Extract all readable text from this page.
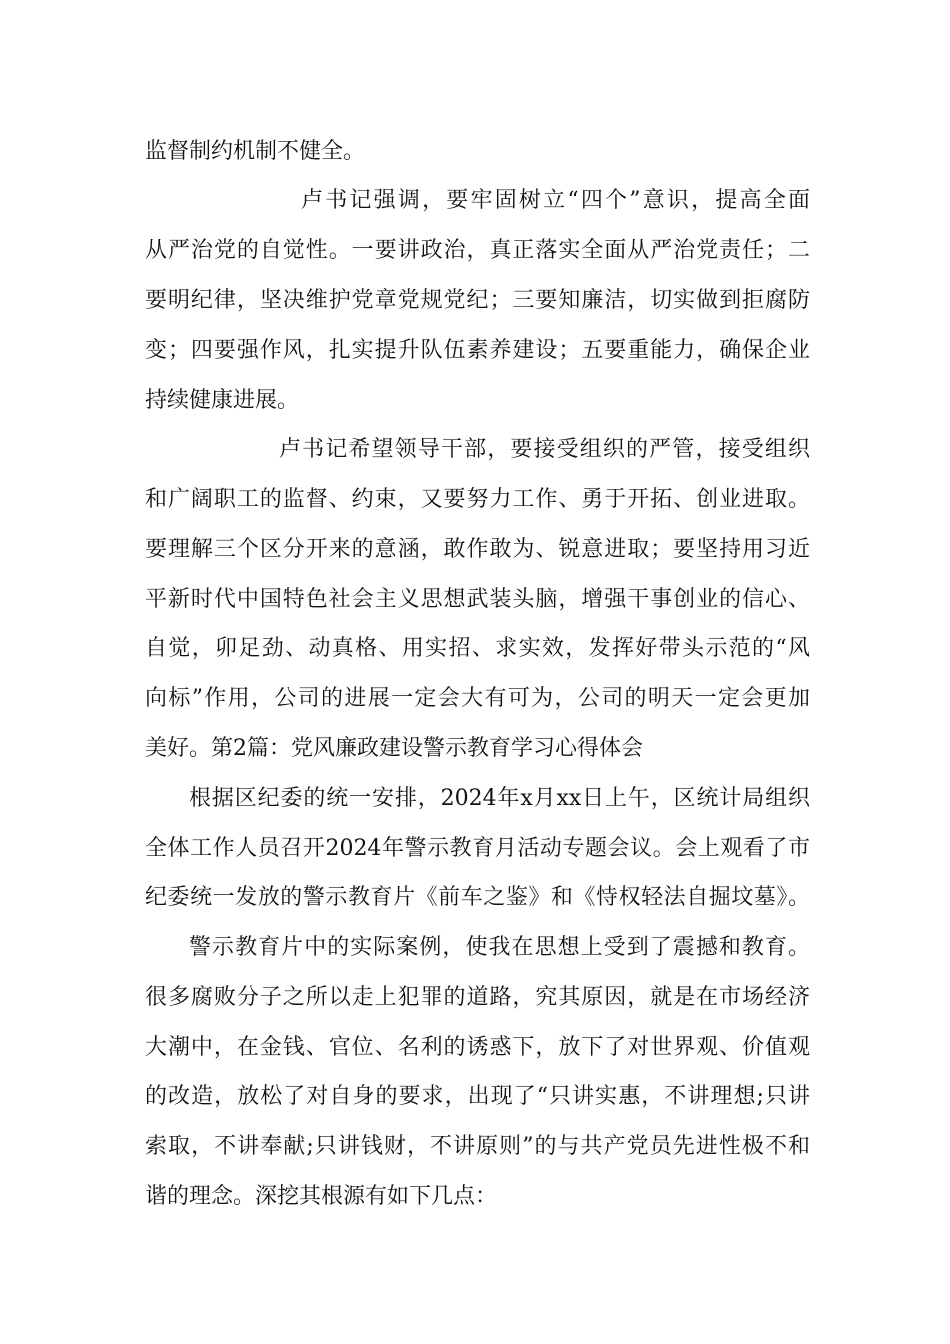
监督制约机制不健全。
卢书记强调，要牢固树立“四个”意识，提高全面
从严治党的自觉性。一要讲政治，真正落实全面从严治党责任；二
要明纪律，坚决维护党章党规党纪；三要知廉洁，切实做到拒腐防
变；四要强作风，扎实提升队伍素养建设；五要重能力，确保企业
持续健康进展。
卢书记希望领导干部，要接受组织的严管，接受组织
和广阔职工的监督、约束，又要努力工作、勇于开拓、创业进取。
要理解三个区分开来的意涵，敢作敢为、锐意进取；要坚持用习近
平新时代中国特色社会主义思想武装头脑，增强干事创业的信心、
自觉，卯足劲、动真格、用实招、求实效，发挥好带头示范的“风
向标”作用，公司的进展一定会大有可为，公司的明天一定会更加
美好。第2篇：党风廉政建设警示教育学习心得体会
根据区纪委的统一安排，2024年x月xx日上午，区统计局组织
全体工作人员召开2024年警示教育月活动专题会议。会上观看了市
纪委统一发放的警示教育片《前车之鉴》和《恃权轻法自掘坟墓》。
警示教育片中的实际案例，使我在思想上受到了震撼和教育。
很多腐败分子之所以走上犯罪的道路，究其原因，就是在市场经济
大潮中，在金钱、官位、名利的诱惑下，放下了对世界观、价值观
的改造，放松了对自身的要求，出现了“只讲实惠，不讲理想;只讲
索取，不讲奉献;只讲钱财，不讲原则”的与共产党员先进性极不和
谐的理念。深挖其根源有如下几点：
